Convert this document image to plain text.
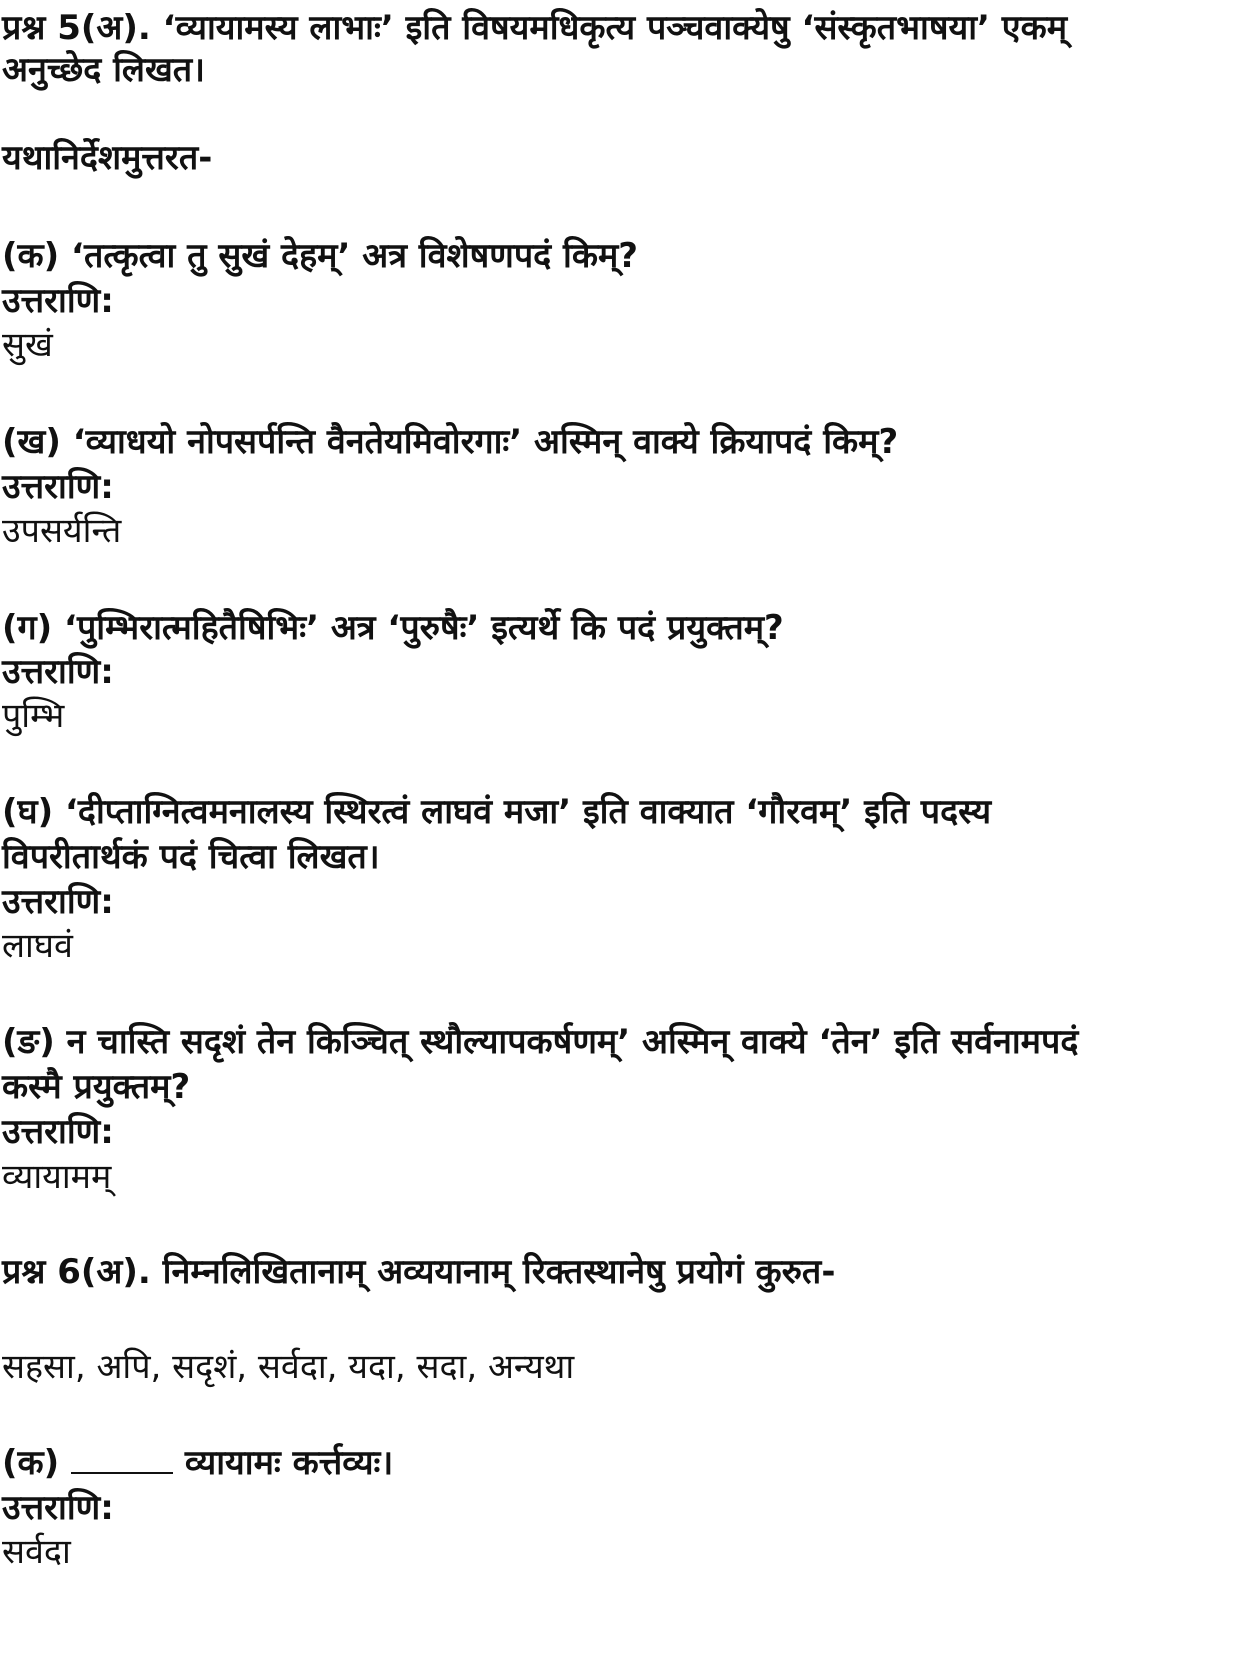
प्रश्न 5(अ). ‘व्यायामस्य लाभाः’ इति विषयमधिकृत्य पञ्चवाक्येषु ‘संस्कृतभाषया’ एकम्
अनुच्छेद लिखत।
यथानिर्देशमुत्तरत-
(क) ‘तत्कृत्वा तु सुखं देहम्’ अत्र विशेषणपदं किम्?
उत्तराणि:
सुखं
(ख) ‘व्याधयो नोपसर्पन्ति वैनतेयमिवोरगाः’ अस्मिन् वाक्ये क्रियापदं किम्?
उत्तराणि:
उपसर्यन्ति
(ग) ‘पुम्भिरात्महितैषिभिः’ अत्र ‘पुरुषैः’ इत्यर्थे कि पदं प्रयुक्तम्?
उत्तराणि:
पुम्भि
(घ) ‘दीप्ताग्नित्वमनालस्य स्थिरत्वं लाघवं मजा’ इति वाक्यात ‘गौरवम्’ इति पदस्य
विपरीतार्थकं पदं चित्वा लिखत।
उत्तराणि:
लाघवं
(ङ) न चास्ति सदृशं तेन किञ्चित् स्थौल्यापकर्षणम्’ अस्मिन् वाक्ये ‘तेन’ इति सर्वनामपदं
कस्मै प्रयुक्तम्?
उत्तराणि:
व्यायामम्
प्रश्न 6(अ). निम्नलिखितानाम् अव्ययानाम् रिक्तस्थानेषु प्रयोगं कुरुत-
सहसा, अपि, सदृशं, सर्वदा, यदा, सदा, अन्यथा
(क)	व्यायामः कर्त्तव्यः।
उत्तराणि:
सर्वदा
